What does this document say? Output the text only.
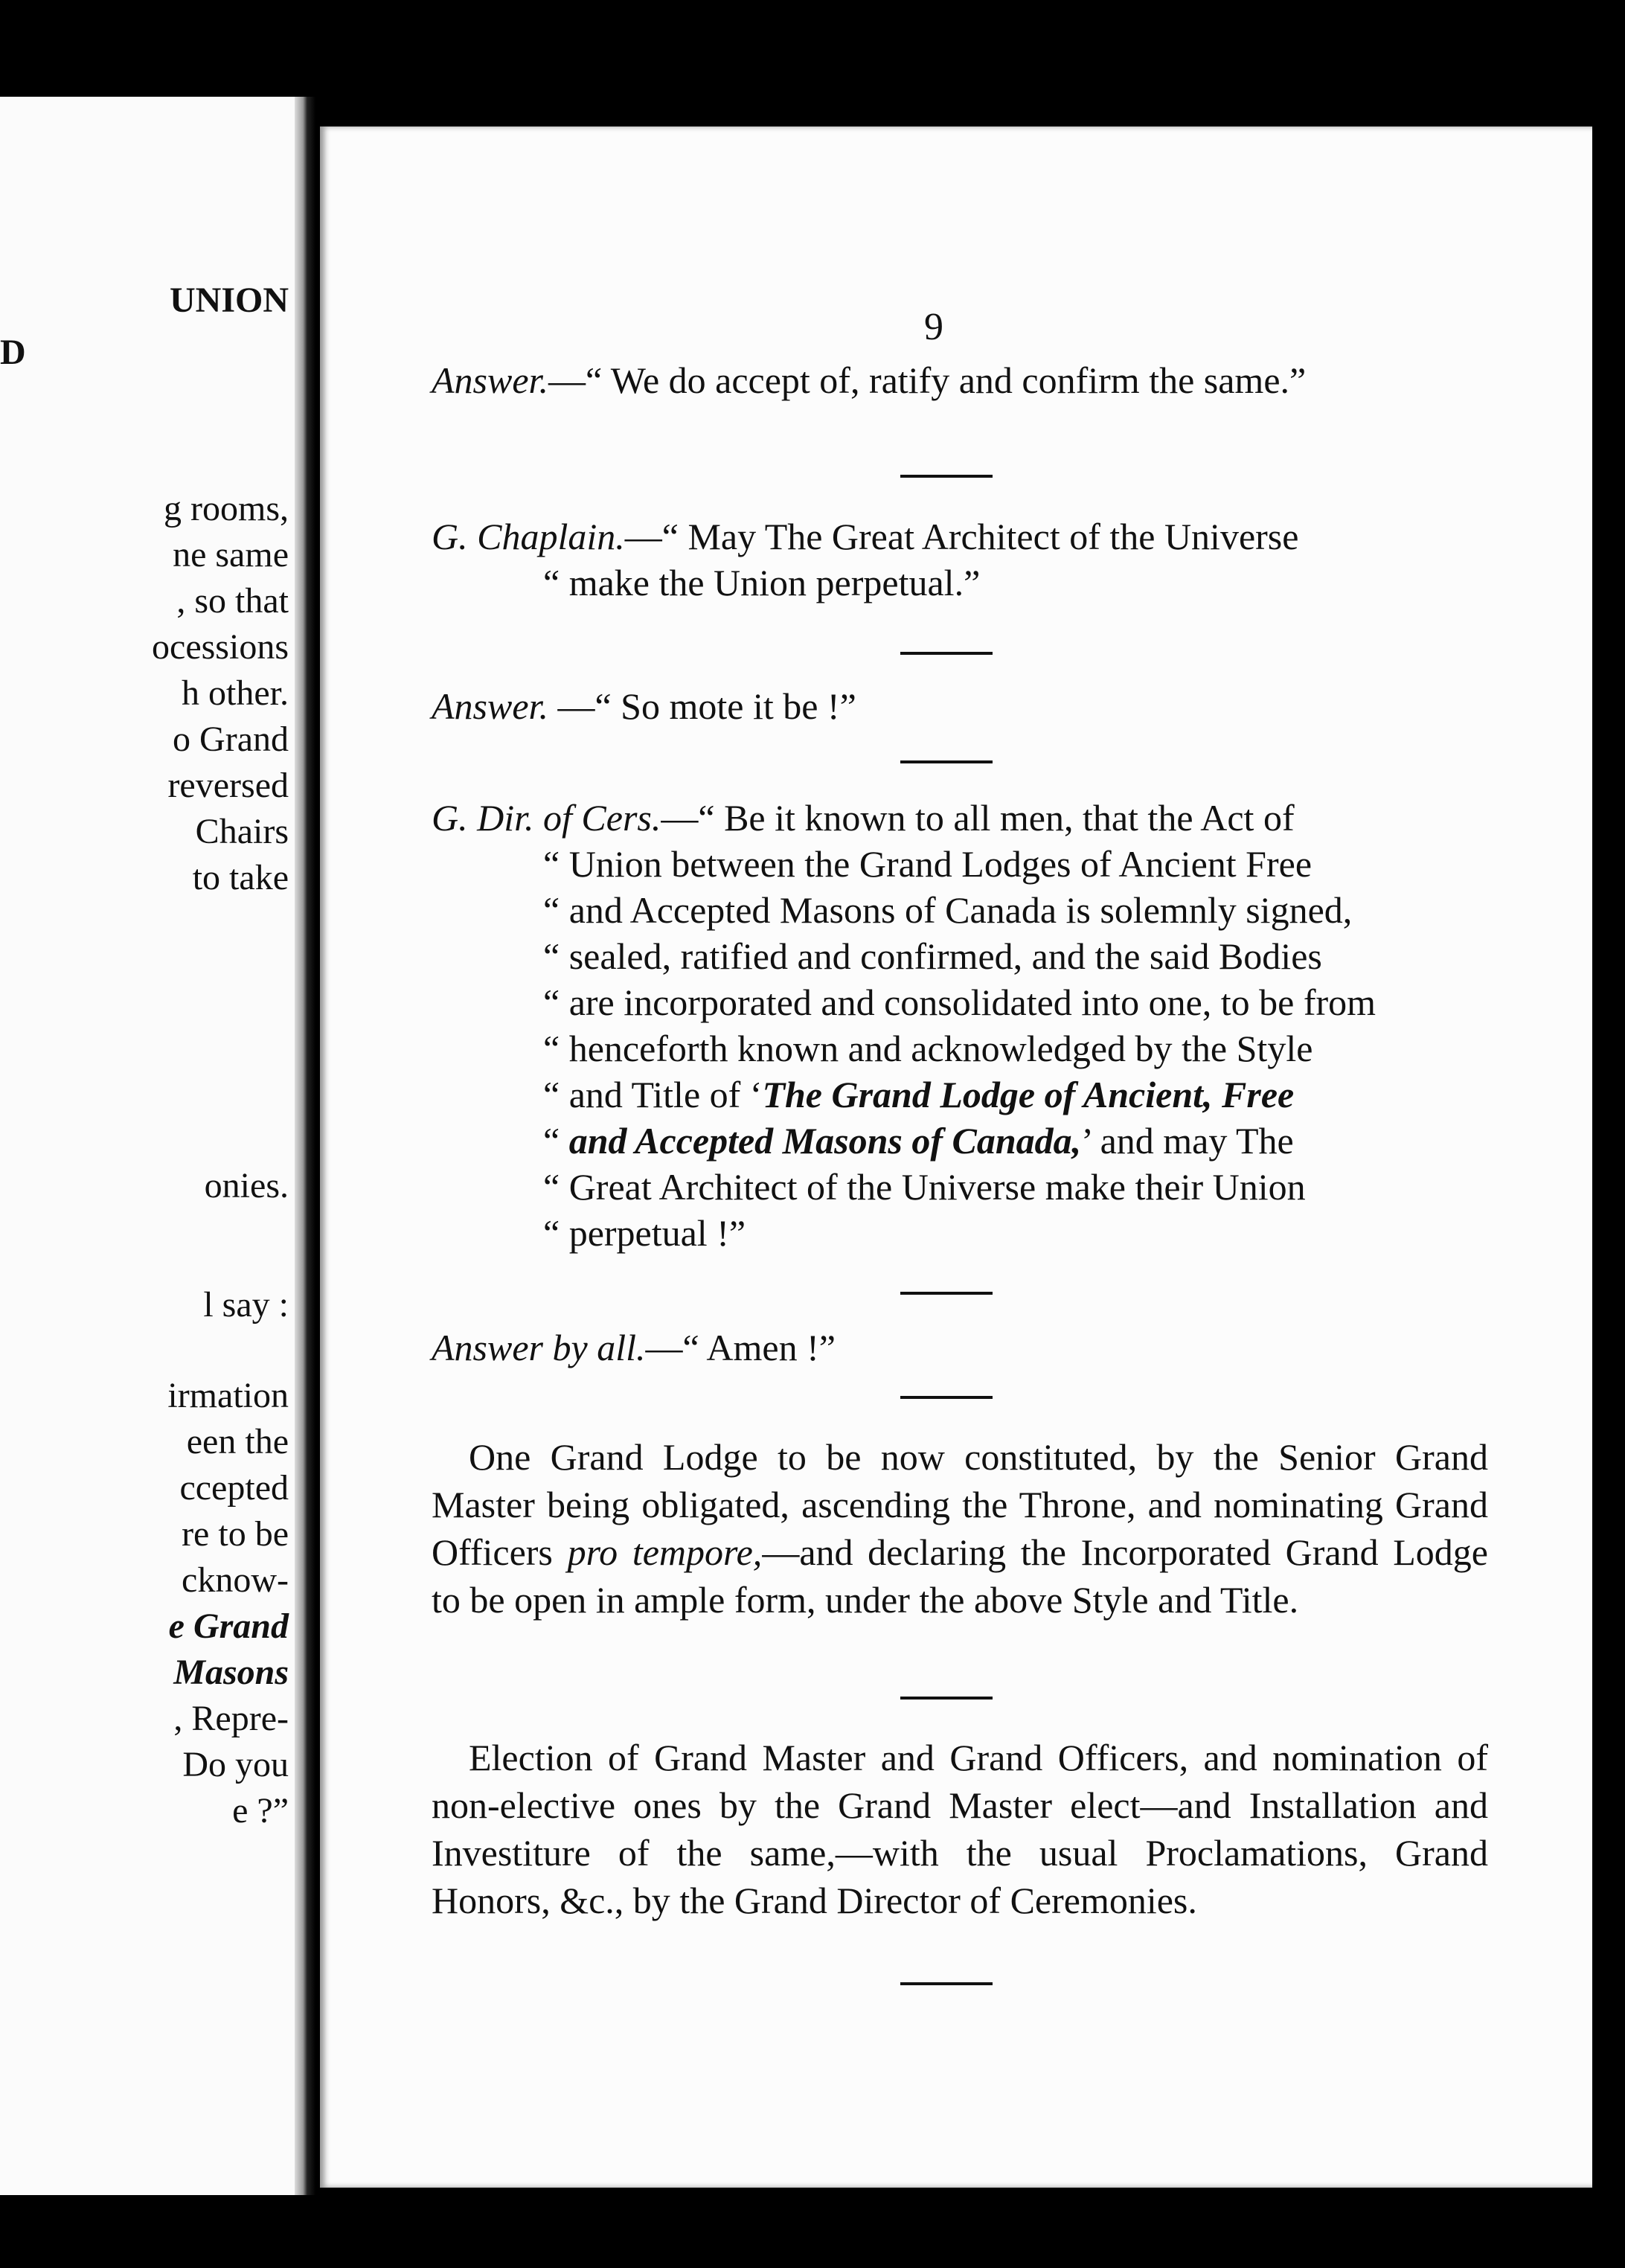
UNION
D
g rooms,
ne same
, so that
ocessions
h other.
o Grand
reversed
Chairs
to take
onies.
l say :
irmation
een the
ccepted
re to be
cknow-
e Grand
Masons
, Repre-
Do you
e ?”
9
Answer.—“ We do accept of, ratify and confirm the same.”
G. Chaplain.—“ May The Great Architect of the Universe
“ make the Union perpetual.”
Answer. —“ So mote it be !”
G. Dir. of Cers.—“ Be it known to all men, that the Act of
“ Union between the Grand Lodges of Ancient Free
“ and Accepted Masons of Canada is solemnly signed,
“ sealed, ratified and confirmed, and the said Bodies
“ are incorporated and consolidated into one, to be from
“ henceforth known and acknowledged by the Style
“ and Title of ‘The Grand Lodge of Ancient, Free
“ and Accepted Masons of Canada,’ and may The
“ Great Architect of the Universe make their Union
“ perpetual !”
Answer by all.—“ Amen !”
One Grand Lodge to be now constituted, by the Senior Grand Master being obligated, ascending the Throne, and nominating Grand Officers pro tempore,—and declaring the Incorporated Grand Lodge to be open in ample form, under the above Style and Title.
Election of Grand Master and Grand Officers, and nomination of non-elective ones by the Grand Master elect—and Installation and Investiture of the same,—with the usual Proclamations, Grand Honors, &c., by the Grand Director of Ceremonies.
